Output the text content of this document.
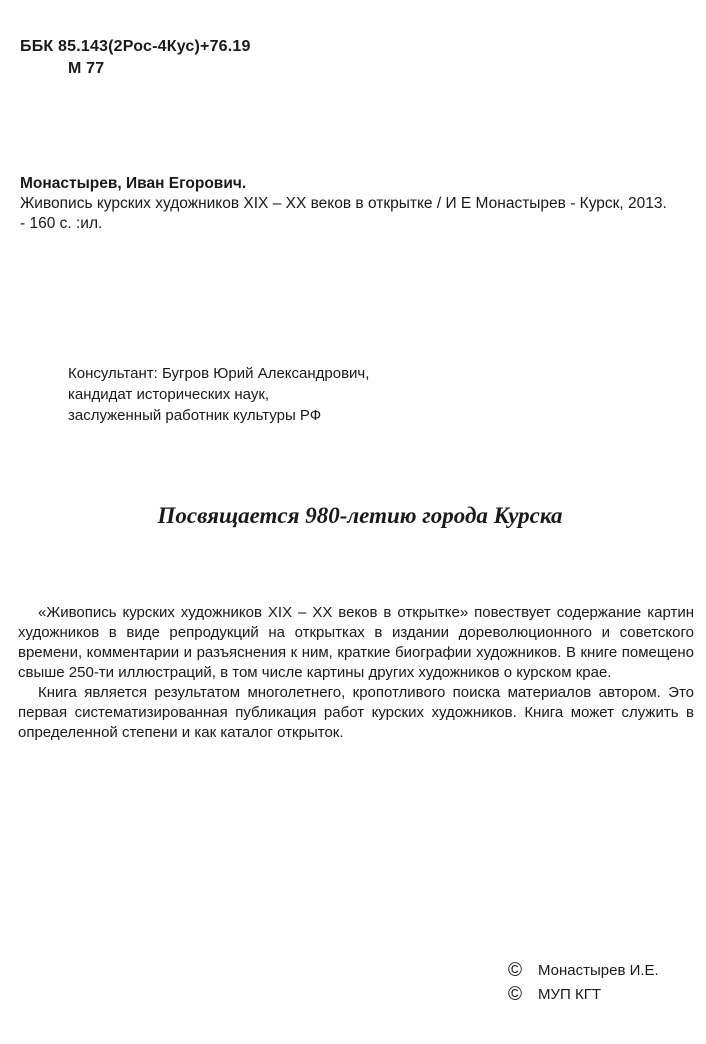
ББК 85.143(2Рос-4Кус)+76.19
М 77
Монастырев, Иван Егорович.
Живопись курских художников XIX – XX веков в открытке / И Е Монастырев - Курск, 2013. - 160 с. :ил.
Консультант: Бугров Юрий Александрович,
кандидат исторических наук,
заслуженный работник культуры РФ
Посвящается 980-летию города Курска

«Живопись курских художников XIX – XX веков в открытке» повествует содержание картин художников в виде репродукций на открытках в издании дореволюционного и советского времени, комментарии и разъяснения к ним, краткие биографии художников. В книге помещено свыше 250-ти иллюстраций, в том числе картины других художников о курском крае.

Книга является результатом многолетнего, кропотливого поиска материалов автором. Это первая систематизированная публикация работ курских художников. Книга может служить в определенной степени и как каталог открыток.

©	Монастырев И.Е.
©	МУП КГТ
